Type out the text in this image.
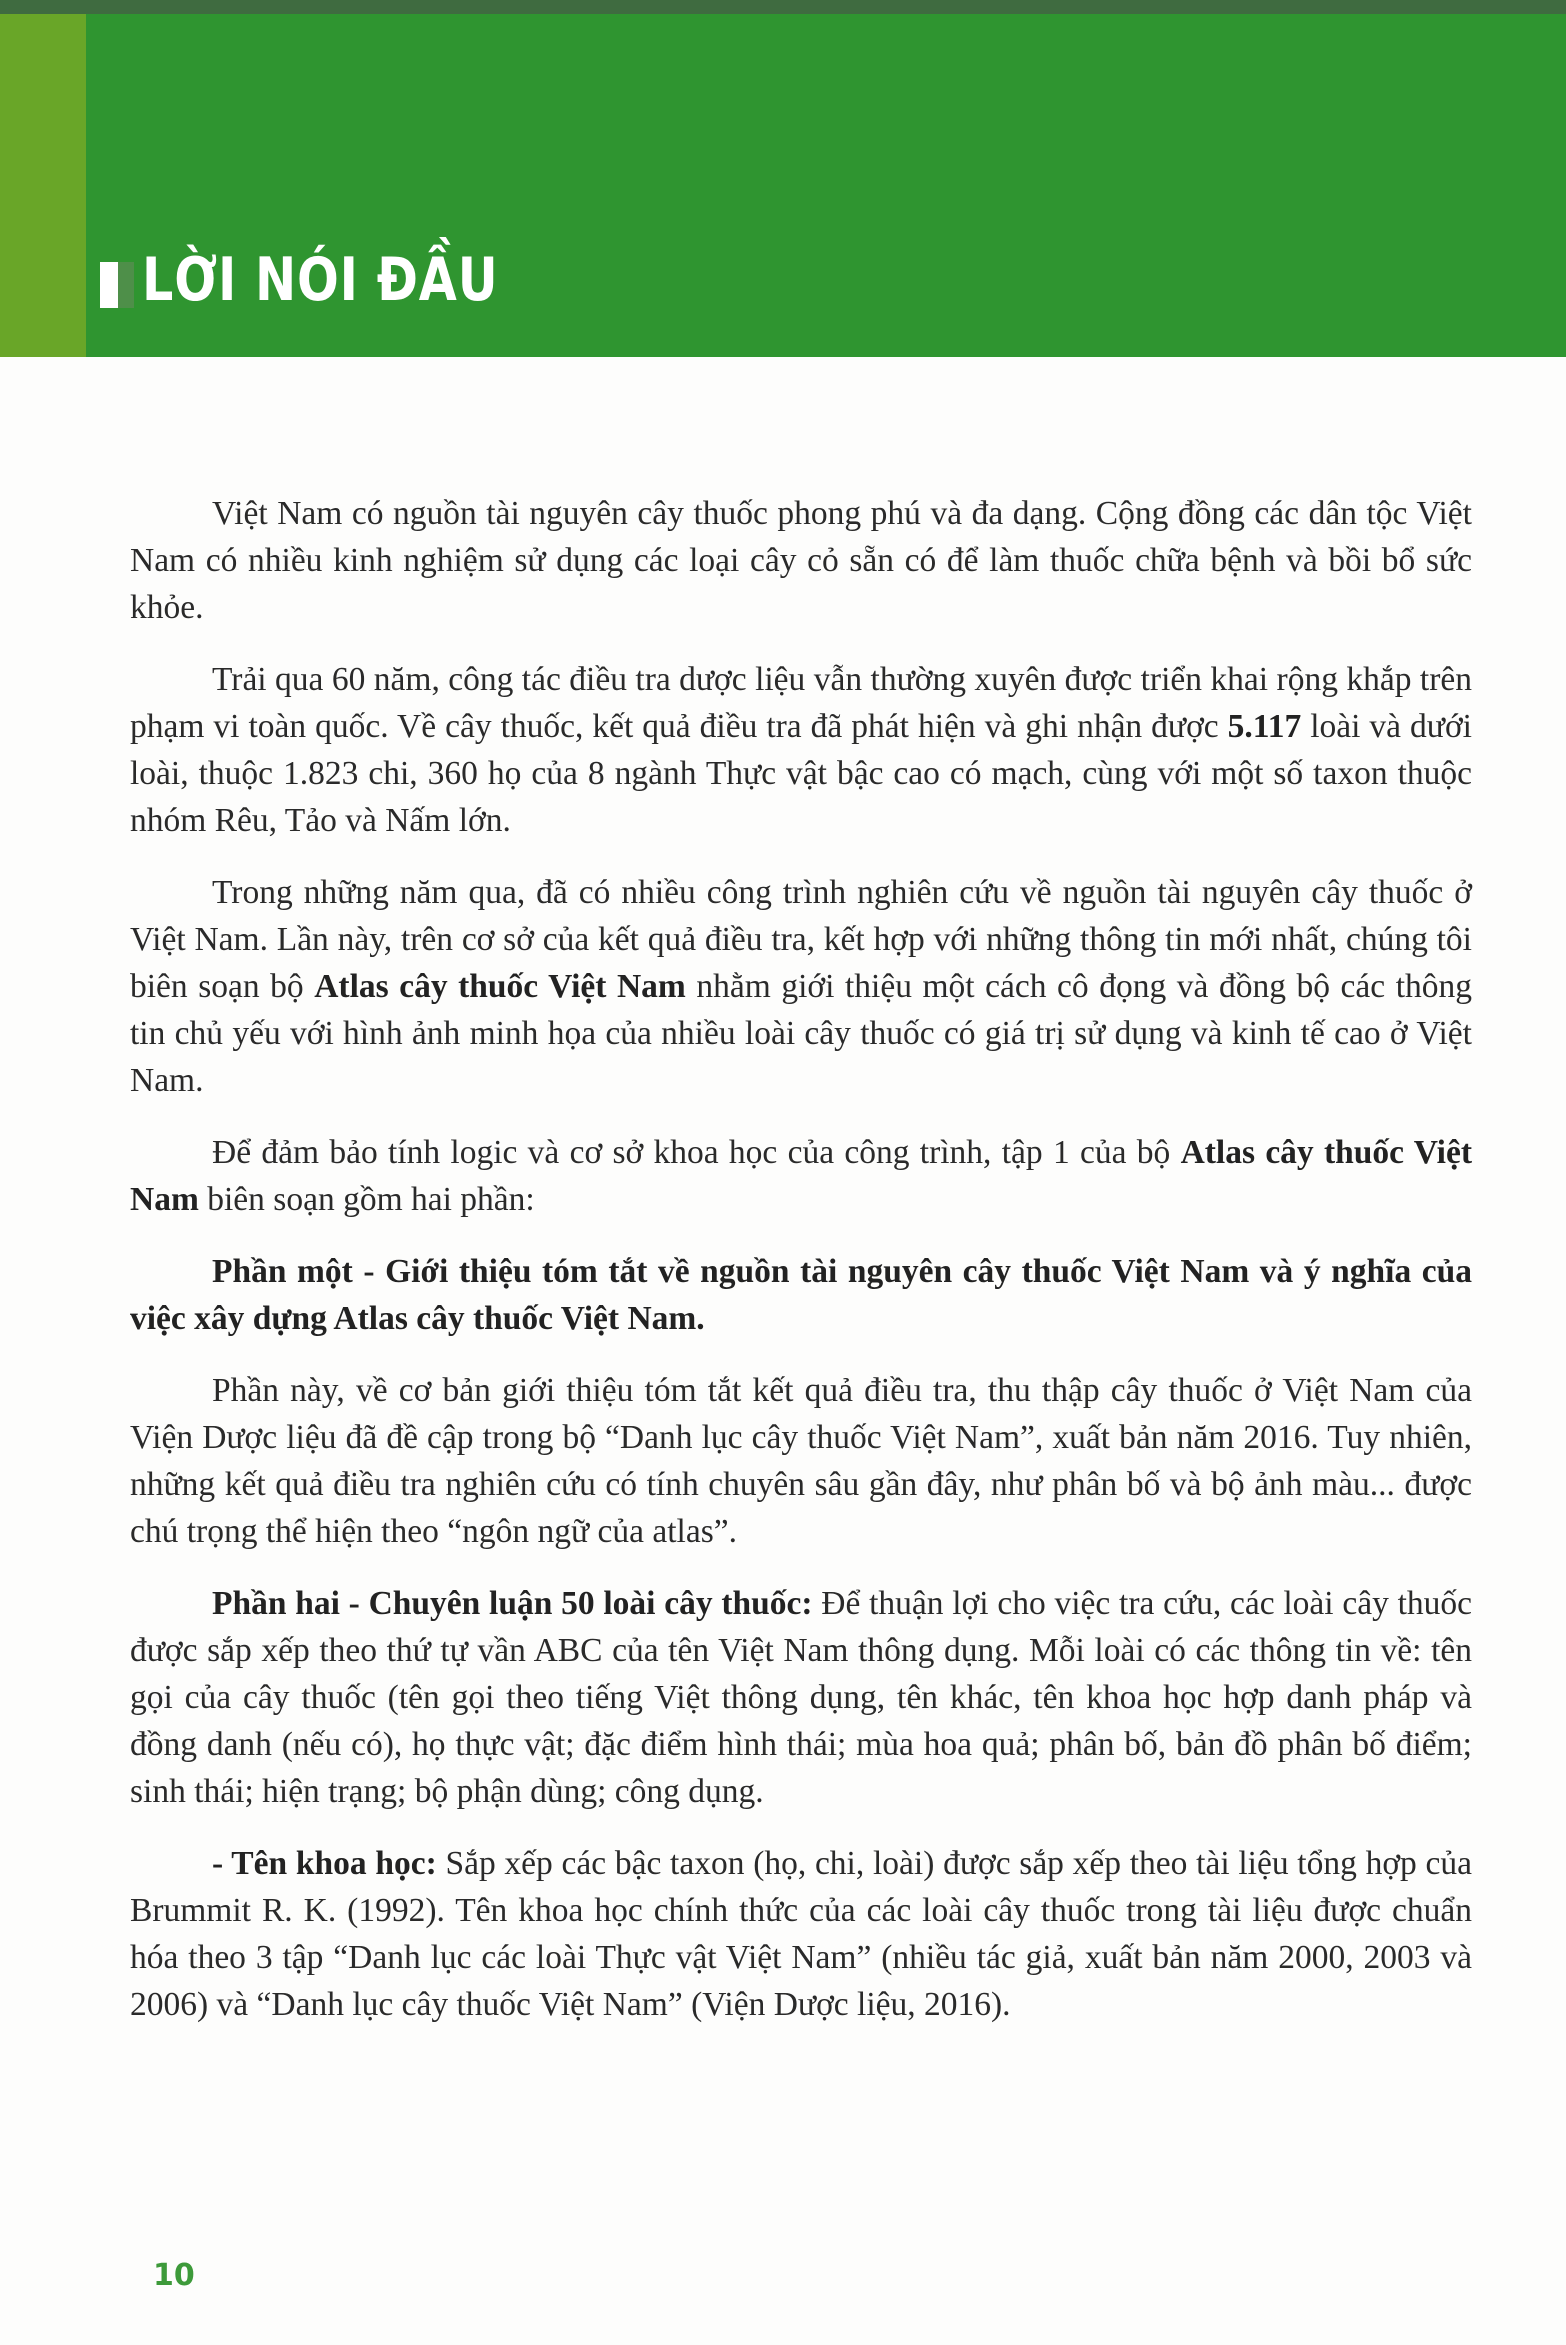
LỜI NÓI ĐẦU

Việt Nam có nguồn tài nguyên cây thuốc phong phú và đa dạng. Cộng đồng các dân tộc Việt Nam có nhiều kinh nghiệm sử dụng các loại cây cỏ sẵn có để làm thuốc chữa bệnh và bồi bổ sức khỏe.

Trải qua 60 năm, công tác điều tra dược liệu vẫn thường xuyên được triển khai rộng khắp trên phạm vi toàn quốc. Về cây thuốc, kết quả điều tra đã phát hiện và ghi nhận được 5.117 loài và dưới loài, thuộc 1.823 chi, 360 họ của 8 ngành Thực vật bậc cao có mạch, cùng với một số taxon thuộc nhóm Rêu, Tảo và Nấm lớn.

Trong những năm qua, đã có nhiều công trình nghiên cứu về nguồn tài nguyên cây thuốc ở Việt Nam. Lần này, trên cơ sở của kết quả điều tra, kết hợp với những thông tin mới nhất, chúng tôi biên soạn bộ Atlas cây thuốc Việt Nam nhằm giới thiệu một cách cô đọng và đồng bộ các thông tin chủ yếu với hình ảnh minh họa của nhiều loài cây thuốc có giá trị sử dụng và kinh tế cao ở Việt Nam.

Để đảm bảo tính logic và cơ sở khoa học của công trình, tập 1 của bộ Atlas cây thuốc Việt Nam biên soạn gồm hai phần:

Phần một - Giới thiệu tóm tắt về nguồn tài nguyên cây thuốc Việt Nam và ý nghĩa của việc xây dựng Atlas cây thuốc Việt Nam.

Phần này, về cơ bản giới thiệu tóm tắt kết quả điều tra, thu thập cây thuốc ở Việt Nam của Viện Dược liệu đã đề cập trong bộ “Danh lục cây thuốc Việt Nam”, xuất bản năm 2016. Tuy nhiên, những kết quả điều tra nghiên cứu có tính chuyên sâu gần đây, như phân bố và bộ ảnh màu... được chú trọng thể hiện theo “ngôn ngữ của atlas”.

Phần hai - Chuyên luận 50 loài cây thuốc: Để thuận lợi cho việc tra cứu, các loài cây thuốc được sắp xếp theo thứ tự vần ABC của tên Việt Nam thông dụng. Mỗi loài có các thông tin về: tên gọi của cây thuốc (tên gọi theo tiếng Việt thông dụng, tên khác, tên khoa học hợp danh pháp và đồng danh (nếu có), họ thực vật; đặc điểm hình thái; mùa hoa quả; phân bố, bản đồ phân bố điểm; sinh thái; hiện trạng; bộ phận dùng; công dụng.

- Tên khoa học: Sắp xếp các bậc taxon (họ, chi, loài) được sắp xếp theo tài liệu tổng hợp của Brummit R. K. (1992). Tên khoa học chính thức của các loài cây thuốc trong tài liệu được chuẩn hóa theo 3 tập “Danh lục các loài Thực vật Việt Nam” (nhiều tác giả, xuất bản năm 2000, 2003 và 2006) và “Danh lục cây thuốc Việt Nam” (Viện Dược liệu, 2016).

10
